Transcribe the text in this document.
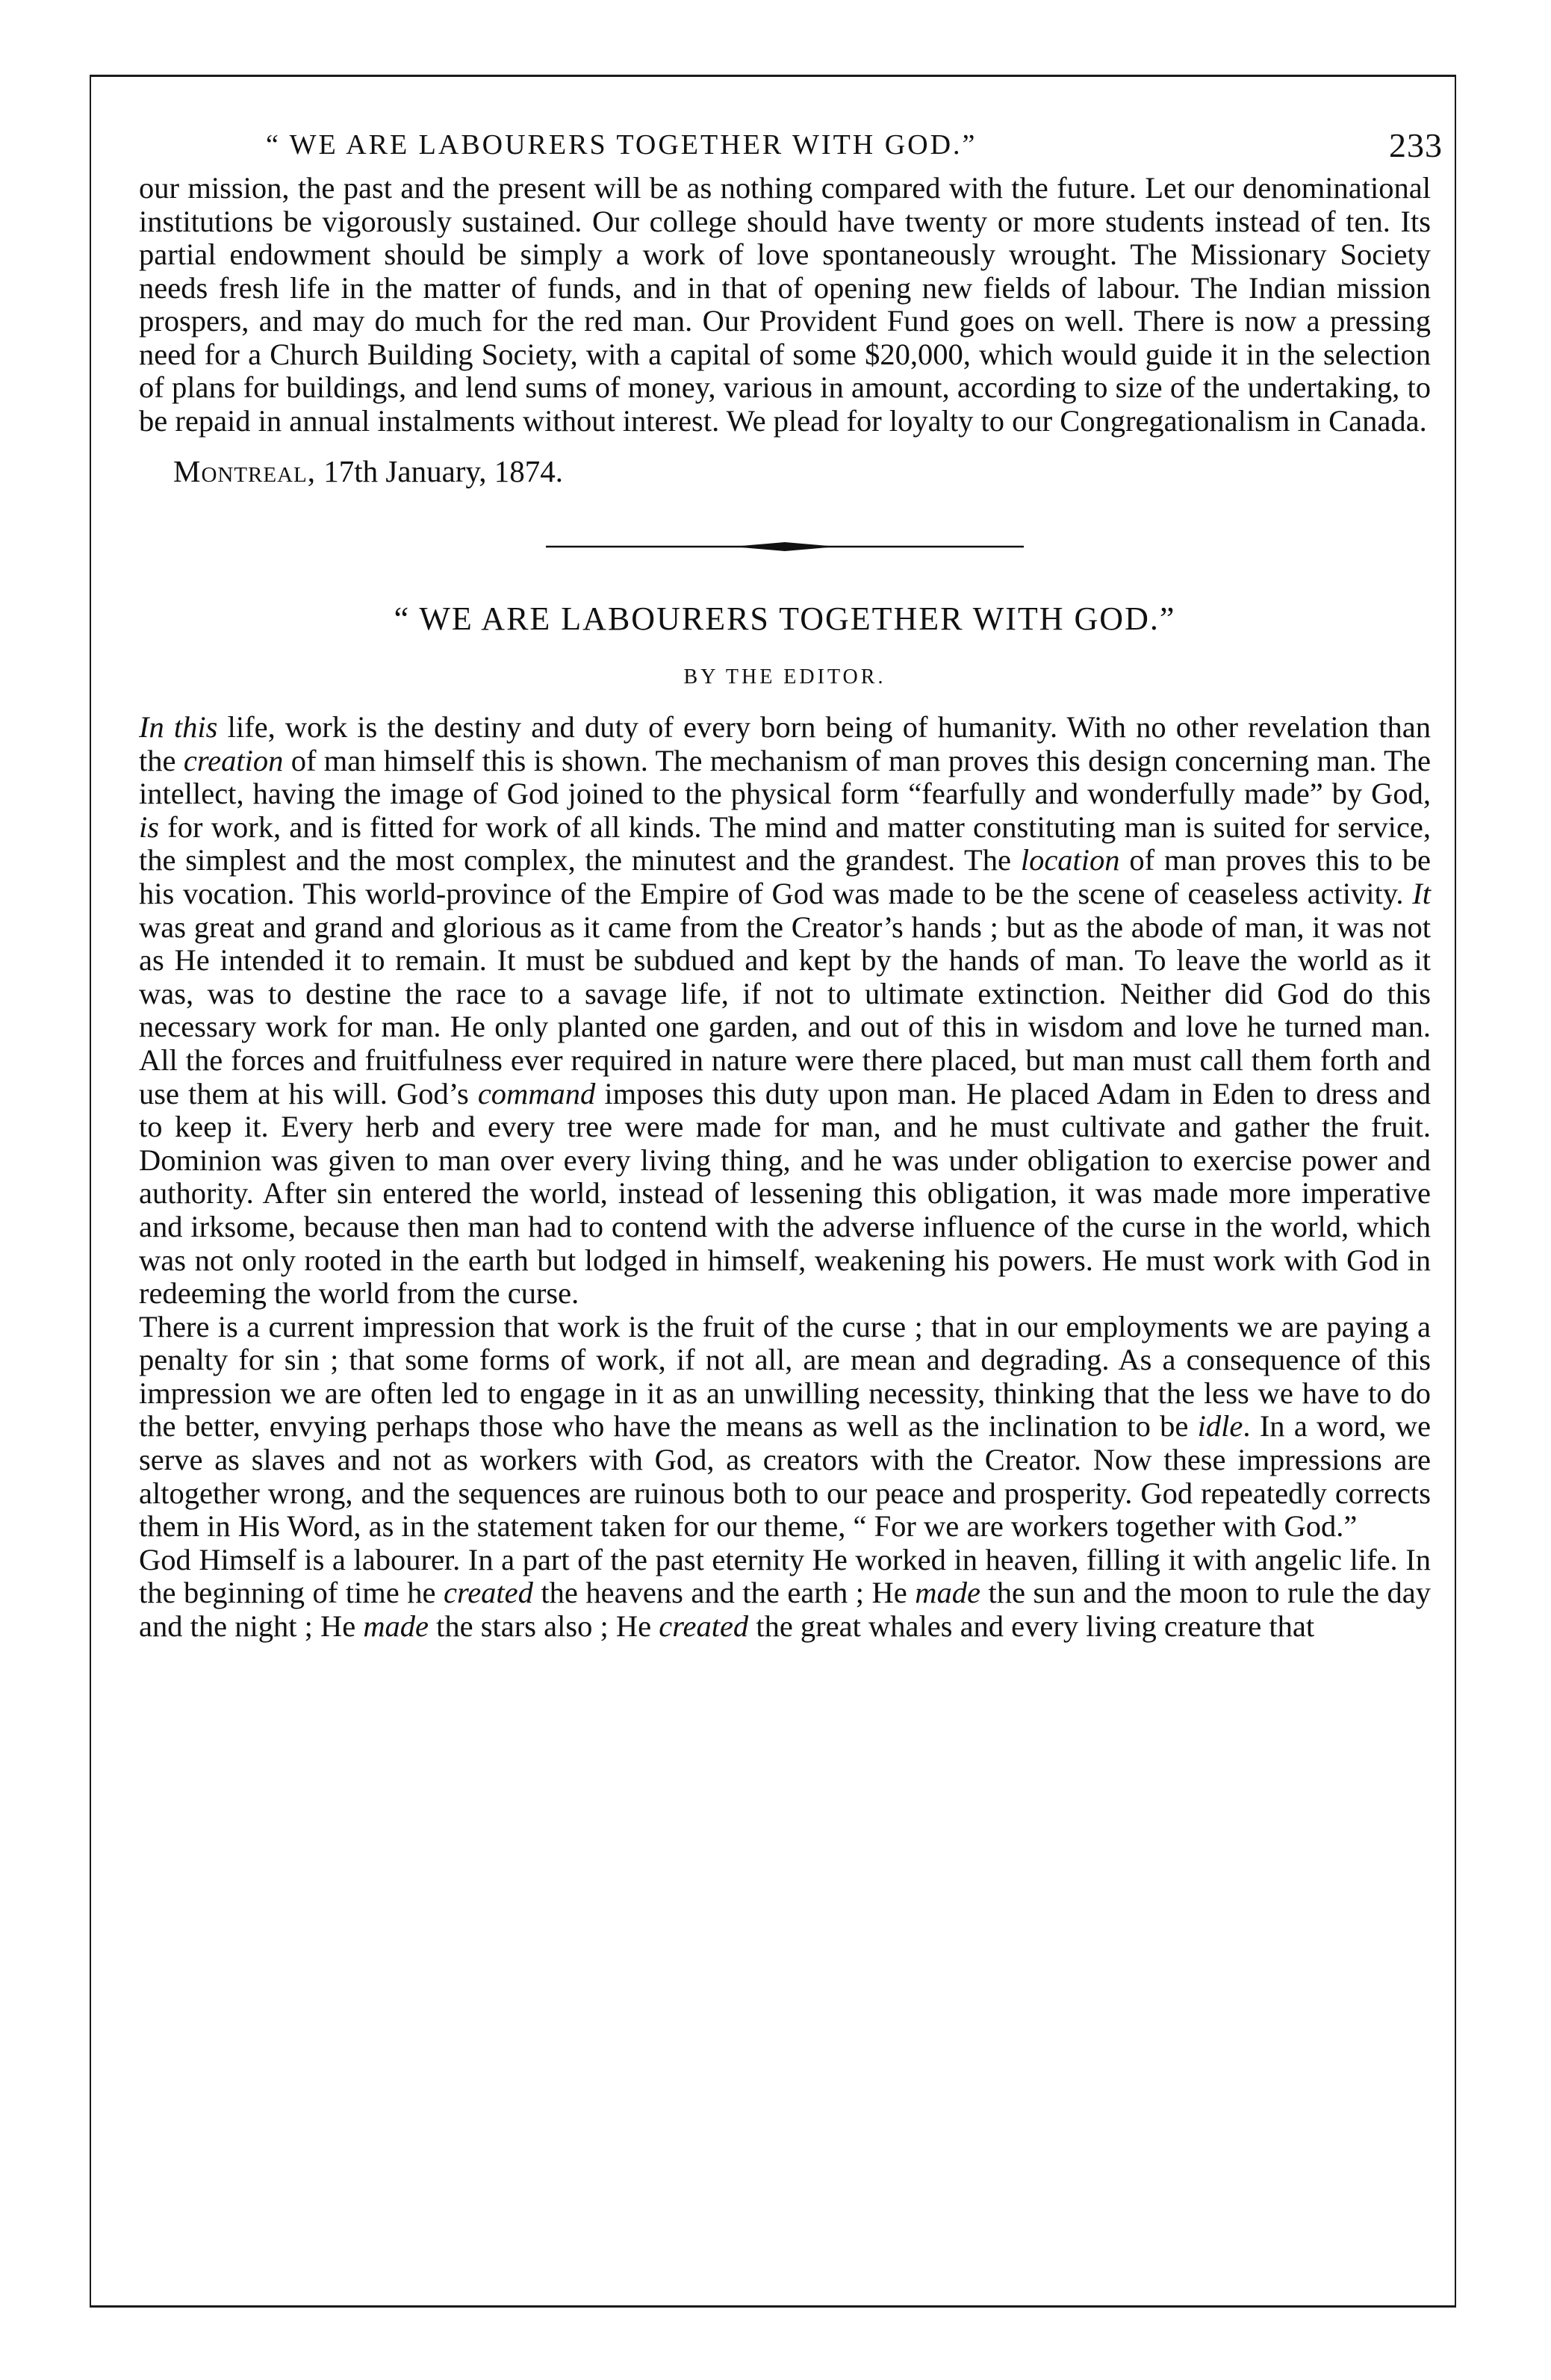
“ WE ARE LABOURERS TOGETHER WITH GOD.”	233

our mission, the past and the present will be as nothing compared with the future. Let our denominational institutions be vigorously sustained. Our college should have twenty or more students instead of ten. Its partial endowment should be simply a work of love spontaneously wrought. The Missionary Society needs fresh life in the matter of funds, and in that of opening new fields of labour. The Indian mission prospers, and may do much for the red man. Our Provident Fund goes on well. There is now a pressing need for a Church Building Society, with a capital of some $20,000, which would guide it in the selection of plans for buildings, and lend sums of money, various in amount, according to size of the undertaking, to be repaid in annual instalments without interest. We plead for loyalty to our Congregationalism in Canada.

Montreal, 17th January, 1874.
“ WE ARE LABOURERS TOGETHER WITH GOD.”
BY THE EDITOR.

In this life, work is the destiny and duty of every born being of humanity. With no other revelation than the creation of man himself this is shown. The mechanism of man proves this design concerning man. The intellect, having the image of God joined to the physical form “fearfully and wonderfully made” by God, is for work, and is fitted for work of all kinds. The mind and matter constituting man is suited for service, the simplest and the most complex, the minutest and the grandest. The location of man proves this to be his vocation. This world-province of the Empire of God was made to be the scene of ceaseless activity. It was great and grand and glorious as it came from the Creator’s hands ; but as the abode of man, it was not as He intended it to remain. It must be subdued and kept by the hands of man. To leave the world as it was, was to destine the race to a savage life, if not to ultimate extinction. Neither did God do this necessary work for man. He only planted one garden, and out of this in wisdom and love he turned man. All the forces and fruitfulness ever required in nature were there placed, but man must call them forth and use them at his will. God’s command imposes this duty upon man. He placed Adam in Eden to dress and to keep it. Every herb and every tree were made for man, and he must cultivate and gather the fruit. Dominion was given to man over every living thing, and he was under obligation to exercise power and authority. After sin entered the world, instead of lessening this obligation, it was made more imperative and irksome, because then man had to contend with the adverse influence of the curse in the world, which was not only rooted in the earth but lodged in himself, weakening his powers. He must work with God in redeeming the world from the curse.

There is a current impression that work is the fruit of the curse ; that in our employments we are paying a penalty for sin ; that some forms of work, if not all, are mean and degrading. As a consequence of this impression we are often led to engage in it as an unwilling necessity, thinking that the less we have to do the better, envying perhaps those who have the means as well as the inclination to be idle. In a word, we serve as slaves and not as workers with God, as creators with the Creator. Now these impressions are altogether wrong, and the sequences are ruinous both to our peace and prosperity. God repeatedly corrects them in His Word, as in the statement taken for our theme, “ For we are workers together with God.”

God Himself is a labourer. In a part of the past eternity He worked in heaven, filling it with angelic life. In the beginning of time he created the heavens and the earth ; He made the sun and the moon to rule the day and the night ; He made the stars also ; He created the great whales and every living creature that
